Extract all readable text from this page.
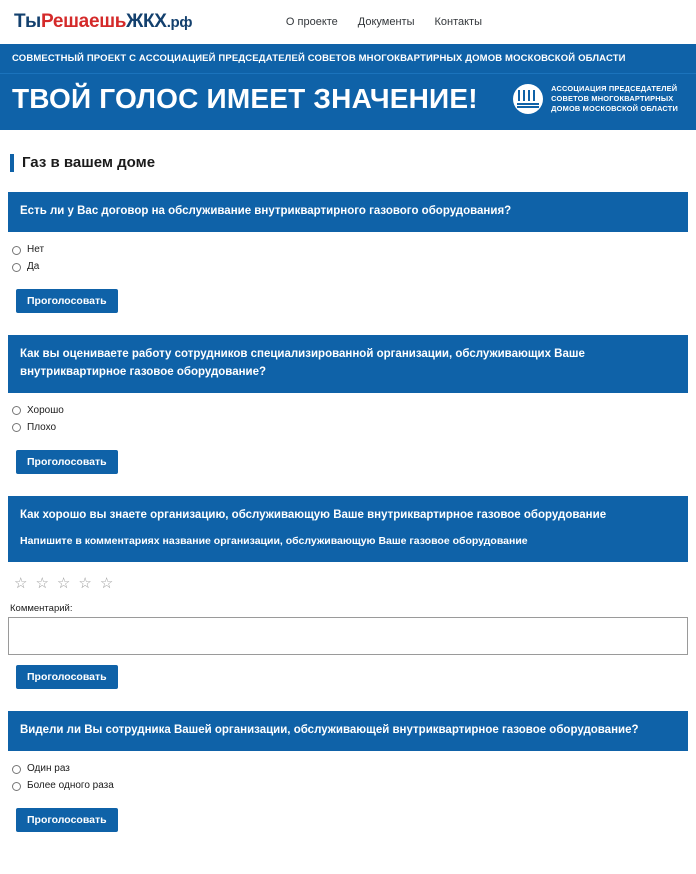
ТыРешаешьЖКХ.рф	О проекте Документы Контакты
СОВМЕСТНЫЙ ПРОЕКТ С АССОЦИАЦИЕЙ ПРЕДСЕДАТЕЛЕЙ СОВЕТОВ МНОГОКВАРТИРНЫХ ДОМОВ МОСКОВСКОЙ ОБЛАСТИ
ТВОЙ ГОЛОС ИМЕЕТ ЗНАЧЕНИЕ!	АССОЦИАЦИЯ ПРЕДСЕДАТЕЛЕЙ
СОВЕТОВ МНОГОКВАРТИРНЫХ
ДОМОВ МОСКОВСКОЙ ОБЛАСТИ
Газ в вашем доме
Есть ли у Вас договор на обслуживание внутриквартирного газового оборудования?
Нет
Да
Проголосовать
Как вы оцениваете работу сотрудников специализированной организации, обслуживающих Ваше внутриквартирное газовое оборудование?
Хорошо
Плохо
Проголосовать
Как хорошо вы знаете организацию, обслуживающую Ваше внутриквартирное газовое оборудование
Напишите в комментариях название организации, обслуживающую Ваше газовое оборудование
☆ ☆ ☆ ☆ ☆
Комментарий:
Проголосовать
Видели ли Вы сотрудника Вашей организации, обслуживающей внутриквартирное газовое оборудование?
Один раз
Более одного раза
Проголосовать
